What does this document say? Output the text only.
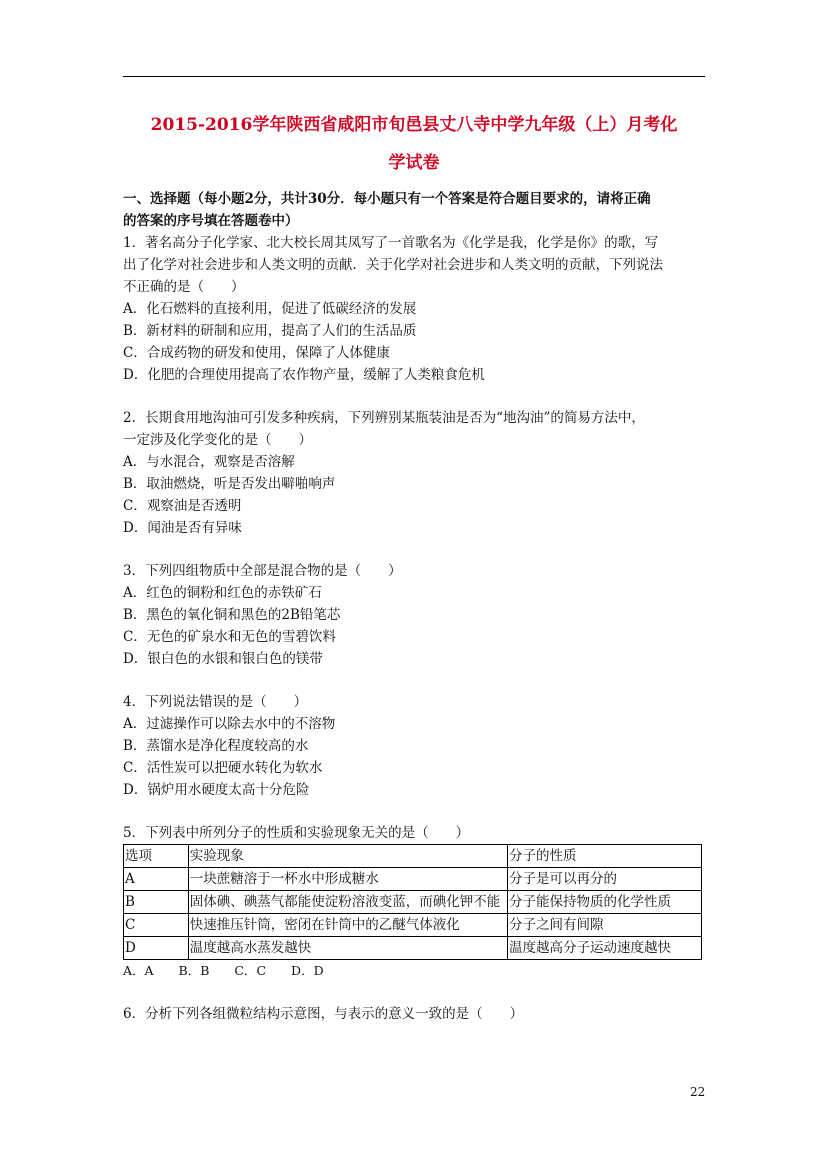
2015-2016学年陕西省咸阳市旬邑县丈八寺中学九年级（上）月考化
学试卷
一、选择题（每小题2分，共计30分．每小题只有一个答案是符合题目要求的，请将正确
的答案的序号填在答题卷中）
1．著名高分子化学家、北大校长周其凤写了一首歌名为《化学是我，化学是你》的歌，写
出了化学对社会进步和人类文明的贡献．关于化学对社会进步和人类文明的贡献，下列说法
不正确的是（　　）
A．化石燃料的直接利用，促进了低碳经济的发展
B．新材料的研制和应用，提高了人们的生活品质
C．合成药物的研发和使用，保障了人体健康
D．化肥的合理使用提高了农作物产量，缓解了人类粮食危机
2．长期食用地沟油可引发多种疾病，下列辨别某瓶装油是否为“地沟油”的简易方法中，
一定涉及化学变化的是（　　）
A．与水混合，观察是否溶解
B．取油燃烧，听是否发出噼啪响声
C．观察油是否透明
D．闻油是否有异味
3．下列四组物质中全部是混合物的是（　　）
A．红色的铜粉和红色的赤铁矿石
B．黑色的氧化铜和黑色的2B铅笔芯
C．无色的矿泉水和无色的雪碧饮料
D．银白色的水银和银白色的镁带
4．下列说法错误的是（　　）
A．过滤操作可以除去水中的不溶物
B．蒸馏水是净化程度较高的水
C．活性炭可以把硬水转化为软水
D．锅炉用水硬度太高十分危险
5．下列表中所列分子的性质和实验现象无关的是（　　）
选项	实验现象	分子的性质
A	一块蔗糖溶于一杯水中形成糖水	分子是可以再分的
B	固体碘、碘蒸气都能使淀粉溶液变蓝，而碘化钾不能	分子能保持物质的化学性质
C	快速推压针筒，密闭在针筒中的乙醚气体液化	分子之间有间隙
D	温度越高水蒸发越快	温度越高分子运动速度越快
A．A　　B．B　　C．C　　D．D
6．分析下列各组微粒结构示意图，与表示的意义一致的是（　　）
22
